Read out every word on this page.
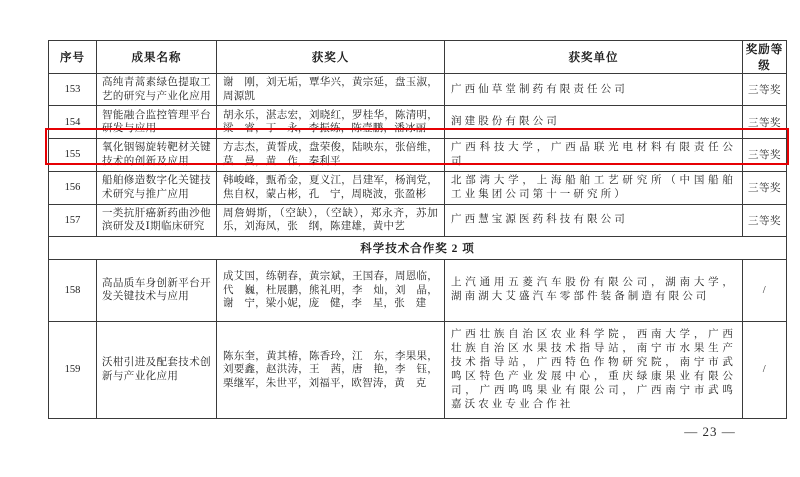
序号	成果名称	获奖人	获奖单位	奖励等级
153	高纯青蒿素绿色提取工艺的研究与产业化应用	谢　刚，刘无垢，覃华兴，黄宗延，盘玉淑，周源凯	广西仙草堂制药有限责任公司	三等奖
154	智能融合监控管理平台研发与应用	胡永乐，湛志宏，刘晓红，罗桂华，陈清明，梁　睿，丁　永，李振练，陈壹鹏，潘冰丽	润建股份有限公司	三等奖
155	氧化铟锡旋转靶材关键技术的创新及应用	方志杰，黄誓成，盘荣俊，陆映东，张倍维，莫　曼，黄　作，秦利平	广西科技大学，广西晶联光电材料有限责任公司	三等奖
156	船舶修造数字化关键技术研究与推广应用	韩峻峰，甄希金，夏义江，吕建军，杨润党，焦自权，蒙占彬，孔　宁，周晓波，张盈彬	北部湾大学，上海船舶工艺研究所（中国船舶工业集团公司第十一研究所）	三等奖
157	一类抗肝癌新药曲沙他滨研发及Ⅰ期临床研究	周詹姆斯，（空缺），（空缺），郑永齐，苏加乐，刘海凤，张　纲，陈建雄，黄中艺	广西慧宝源医药科技有限公司	三等奖
科学技术合作奖 2 项				
158	高品质车身创新平台开发关键技术与应用	成艾国，练朝春，黄宗斌，王国春，周恩临，代　巍，杜展鹏，熊礼明，李　灿，刘　晶，谢　宁，梁小妮，庞　健，李　星，张　建	上汽通用五菱汽车股份有限公司，湖南大学，湖南湖大艾盛汽车零部件装备制造有限公司	/
159	沃柑引进及配套技术创新与产业化应用	陈东奎，黄其椿，陈香玲，江　东，李果果，刘要鑫，赵洪涛，王　茜，唐　艳，李　钰，栗继军，朱世平，刘福平，欧智涛，黄　克	广西壮族自治区农业科学院，西南大学，广西壮族自治区水果技术指导站，南宁市水果生产技术指导站，广西特色作物研究院，南宁市武鸣区特色产业发展中心，重庆绿康果业有限公司，广西鸣鸣果业有限公司，广西南宁市武鸣嘉沃农业专业合作社	/
— 23 —
